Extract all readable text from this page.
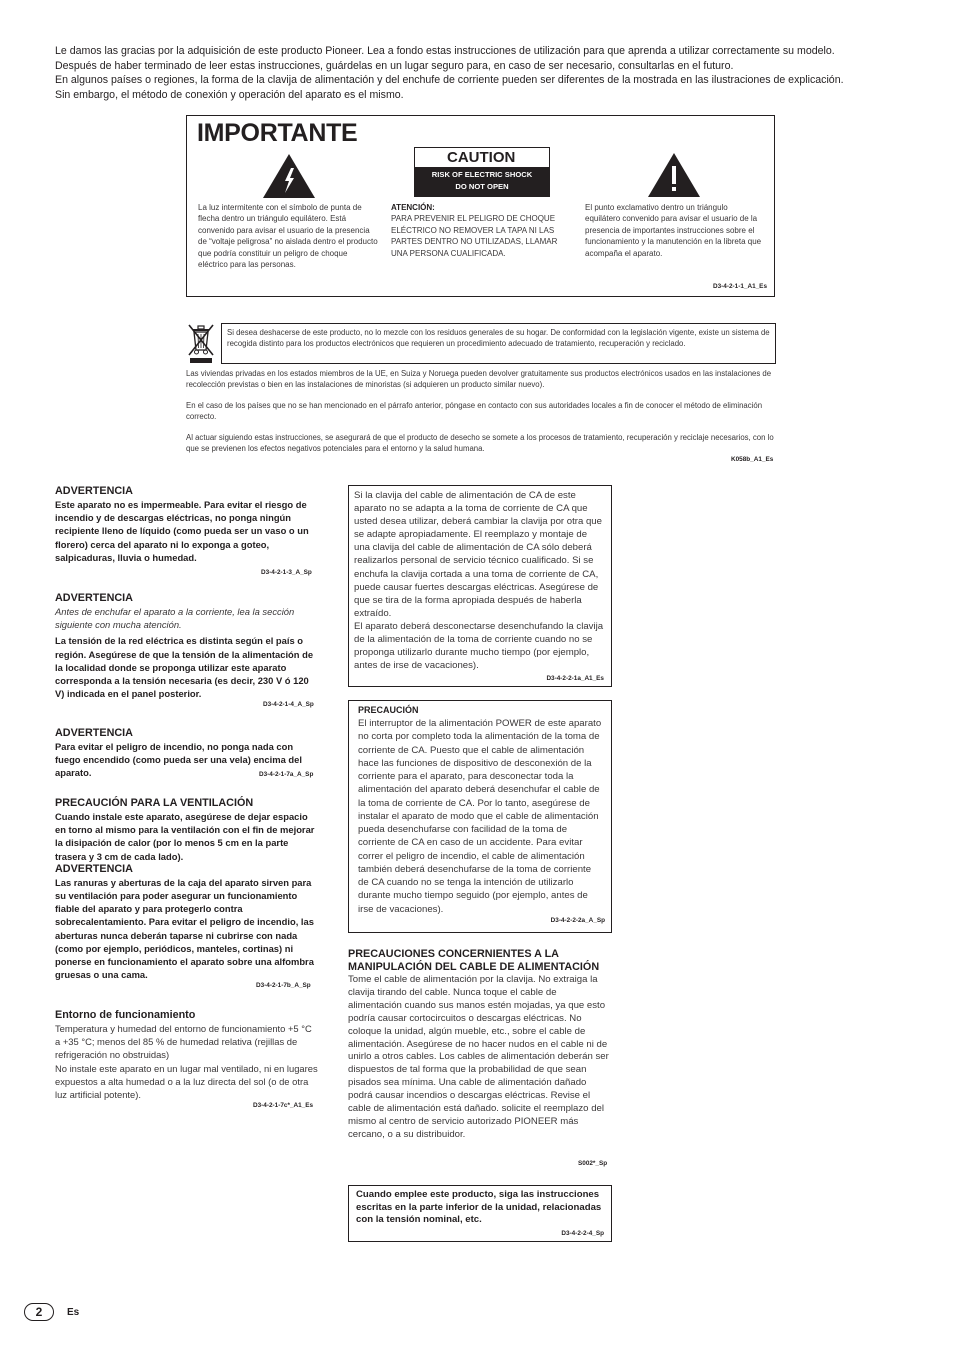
Le damos las gracias por la adquisición de este producto Pioneer. Lea a fondo estas instrucciones de utilización para que aprenda a utilizar correctamente su modelo.

Después de haber terminado de leer estas instrucciones, guárdelas en un lugar seguro para, en caso de ser necesario, consultarlas en el futuro.

En algunos países o regiones, la forma de la clavija de alimentación y del enchufe de corriente pueden ser diferentes de la mostrada en las ilustraciones de explicación.

Sin embargo, el método de conexión y operación del aparato es el mismo.

IMPORTANTE
CAUTION
RISK OF ELECTRIC SHOCK
DO NOT OPEN
La luz intermitente con el símbolo de punta de flecha dentro un triángulo equilátero. Está convenido para avisar el usuario de la presencia de “voltaje peligrosa” no aislada dentro el producto que podría constituir un peligro de choque eléctrico para las personas.
ATENCIÓN:
PARA PREVENIR EL PELIGRO DE CHOQUE ELÉCTRICO NO REMOVER LA TAPA NI LAS PARTES DENTRO NO UTILIZADAS, LLAMAR UNA PERSONA CUALIFICADA.
El punto exclamativo dentro un triángulo equilátero convenido para avisar el usuario de la presencia de importantes instrucciones sobre el funcionamiento y la manutención en la libreta que acompaña el aparato.
D3-4-2-1-1_A1_Es
Si desea deshacerse de este producto, no lo mezcle con los residuos generales de su hogar. De conformidad con la legislación vigente, existe un sistema de recogida distinto para los productos electrónicos que requieren un procedimiento adecuado de tratamiento, recuperación y reciclado.

Las viviendas privadas en los estados miembros de la UE, en Suiza y Noruega pueden devolver gratuitamente sus productos electrónicos usados en las instalaciones de recolección previstas o bien en las instalaciones de minoristas (si adquieren un producto similar nuevo).

En el caso de los países que no se han mencionado en el párrafo anterior, póngase en contacto con sus autoridades locales a fin de conocer el método de eliminación correcto.

Al actuar siguiendo estas instrucciones, se asegurará de que el producto de desecho se somete a los procesos de tratamiento, recuperación y reciclaje necesarios, con lo que se previenen los efectos negativos potenciales para el entorno y la salud humana.

K058b_A1_Es
ADVERTENCIA
Este aparato no es impermeable. Para evitar el riesgo de incendio y de descargas eléctricas, no ponga ningún recipiente lleno de líquido (como pueda ser un vaso o un florero) cerca del aparato ni lo exponga a goteo, salpicaduras, lluvia o humedad.
D3-4-2-1-3_A_Sp
ADVERTENCIA
Antes de enchufar el aparato a la corriente, lea la sección siguiente con mucha atención.
La tensión de la red eléctrica es distinta según el país o región. Asegúrese de que la tensión de la alimentación de la localidad donde se proponga utilizar este aparato corresponda a la tensión necesaria (es decir, 230 V ó 120 V) indicada en el panel posterior.
D3-4-2-1-4_A_Sp
ADVERTENCIA
Para evitar el peligro de incendio, no ponga nada con fuego encendido (como pueda ser una vela) encima del aparato.	D3-4-2-1-7a_A_Sp
PRECAUCIÓN PARA LA VENTILACIÓN
Cuando instale este aparato, asegúrese de dejar espacio en torno al mismo para la ventilación con el fin de mejorar la disipación de calor (por lo menos 5 cm en la parte trasera y 3 cm de cada lado).
ADVERTENCIA
Las ranuras y aberturas de la caja del aparato sirven para su ventilación para poder asegurar un funcionamiento fiable del aparato y para protegerlo contra sobrecalentamiento. Para evitar el peligro de incendio, las aberturas nunca deberán taparse ni cubrirse con nada (como por ejemplo, periódicos, manteles, cortinas) ni ponerse en funcionamiento el aparato sobre una alfombra gruesas o una cama.
D3-4-2-1-7b_A_Sp
Entorno de funcionamiento
Temperatura y humedad del entorno de funcionamiento +5 °C a +35 °C; menos del 85 % de humedad relativa (rejillas de refrigeración no obstruidas)
No instale este aparato en un lugar mal ventilado, ni en lugares expuestos a alta humedad o a la luz directa del sol (o de otra luz artificial potente).
D3-4-2-1-7c*_A1_Es
Si la clavija del cable de alimentación de CA de este aparato no se adapta a la toma de corriente de CA que usted desea utilizar, deberá cambiar la clavija por otra que se adapte apropiadamente. El reemplazo y montaje de una clavija del cable de alimentación de CA sólo deberá realizarlos personal de servicio técnico cualificado. Si se enchufa la clavija cortada a una toma de corriente de CA, puede causar fuertes descargas eléctricas. Asegúrese de que se tira de la forma apropiada después de haberla extraído.
El aparato deberá desconectarse desenchufando la clavija de la alimentación de la toma de corriente cuando no se proponga utilizarlo durante mucho tiempo (por ejemplo, antes de irse de vacaciones).
D3-4-2-2-1a_A1_Es
PRECAUCIÓN
El interruptor de la alimentación POWER de este aparato no corta por completo toda la alimentación de la toma de corriente de CA. Puesto que el cable de alimentación hace las funciones de dispositivo de desconexión de la corriente para el aparato, para desconectar toda la alimentación del aparato deberá desenchufar el cable de la toma de corriente de CA. Por lo tanto, asegúrese de instalar el aparato de modo que el cable de alimentación pueda desenchufarse con facilidad de la toma de corriente de CA en caso de un accidente. Para evitar correr el peligro de incendio, el cable de alimentación también deberá desenchufarse de la toma de corriente de CA cuando no se tenga la intención de utilizarlo durante mucho tiempo seguido (por ejemplo, antes de irse de vacaciones).
D3-4-2-2-2a_A_Sp
PRECAUCIONES CONCERNIENTES A LA MANIPULACIÓN DEL CABLE DE ALIMENTACIÓN
Tome el cable de alimentación por la clavija. No extraiga la clavija tirando del cable. Nunca toque el cable de alimentación cuando sus manos estén mojadas, ya que esto podría causar cortocircuitos o descargas eléctricas. No coloque la unidad, algún mueble, etc., sobre el cable de alimentación. Asegúrese de no hacer nudos en el cable ni de unirlo a otros cables. Los cables de alimentación deberán ser dispuestos de tal forma que la probabilidad de que sean pisados sea mínima. Una cable de alimentación dañado podrá causar incendios o descargas eléctricas. Revise el cable de alimentación está dañado. solicite el reemplazo del mismo al centro de servicio autorizado PIONEER más cercano, o a su distribuidor.
S002*_Sp
Cuando emplee este producto, siga las instrucciones escritas en la parte inferior de la unidad, relacionadas con la tensión nominal, etc.
D3-4-2-2-4_Sp
2	Es
